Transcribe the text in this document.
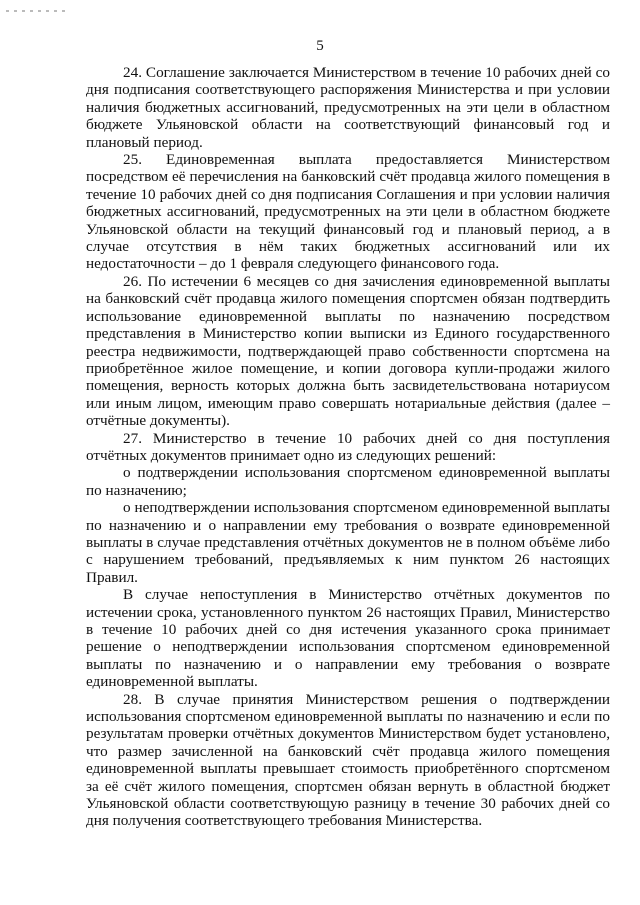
5

24. Соглашение заключается Министерством в течение 10 рабочих дней со дня подписания соответствующего распоряжения Министерства и при условии наличия бюджетных ассигнований, предусмотренных на эти цели в областном бюджете Ульяновской области на соответствующий финансовый год и плановый период.

25. Единовременная выплата предоставляется Министерством посредством её перечисления на банковский счёт продавца жилого помещения в течение 10 рабочих дней со дня подписания Соглашения и при условии наличия бюджетных ассигнований, предусмотренных на эти цели в областном бюджете Ульяновской области на текущий финансовый год и плановый период, а в случае отсутствия в нём таких бюджетных ассигнований или их недостаточности – до 1 февраля следующего финансового года.

26. По истечении 6 месяцев со дня зачисления единовременной выплаты на банковский счёт продавца жилого помещения спортсмен обязан подтвердить использование единовременной выплаты по назначению посредством представления в Министерство копии выписки из Единого государственного реестра недвижимости, подтверждающей право собственности спортсмена на приобретённое жилое помещение, и копии договора купли-продажи жилого помещения, верность которых должна быть засвидетельствована нотариусом или иным лицом, имеющим право совершать нотариальные действия (далее – отчётные документы).

27. Министерство в течение 10 рабочих дней со дня поступления отчётных документов принимает одно из следующих решений:

о подтверждении использования спортсменом единовременной выплаты по назначению;

о неподтверждении использования спортсменом единовременной выплаты по назначению и о направлении ему требования о возврате единовременной выплаты в случае представления отчётных документов не в полном объёме либо с нарушением требований, предъявляемых к ним пунктом 26 настоящих Правил.

В случае непоступления в Министерство отчётных документов по истечении срока, установленного пунктом 26 настоящих Правил, Министерство в течение 10 рабочих дней со дня истечения указанного срока принимает решение о неподтверждении использования спортсменом единовременной выплаты по назначению и о направлении ему требования о возврате единовременной выплаты.

28. В случае принятия Министерством решения о подтверждении использования спортсменом единовременной выплаты по назначению и если по результатам проверки отчётных документов Министерством будет установлено, что размер зачисленной на банковский счёт продавца жилого помещения единовременной выплаты превышает стоимость приобретённого спортсменом за её счёт жилого помещения, спортсмен обязан вернуть в областной бюджет Ульяновской области соответствующую разницу в течение 30 рабочих дней со дня получения соответствующего требования Министерства.
